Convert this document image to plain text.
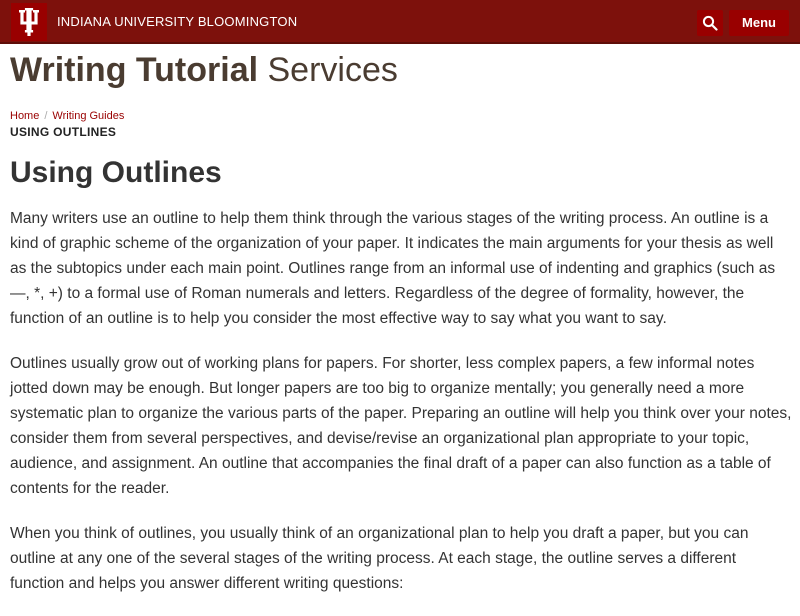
INDIANA UNIVERSITY BLOOMINGTON	Menu
Writing Tutorial Services
Home / Writing Guides
USING OUTLINES
Using Outlines

Many writers use an outline to help them think through the various stages of the writing process. An outline is a kind of graphic scheme of the organization of your paper. It indicates the main arguments for your thesis as well as the subtopics under each main point. Outlines range from an informal use of indenting and graphics (such as —, *, +) to a formal use of Roman numerals and letters. Regardless of the degree of formality, however, the function of an outline is to help you consider the most effective way to say what you want to say.

Outlines usually grow out of working plans for papers. For shorter, less complex papers, a few informal notes jotted down may be enough. But longer papers are too big to organize mentally; you generally need a more systematic plan to organize the various parts of the paper. Preparing an outline will help you think over your notes, consider them from several perspectives, and devise/revise an organizational plan appropriate to your topic, audience, and assignment. An outline that accompanies the final draft of a paper can also function as a table of contents for the reader.

When you think of outlines, you usually think of an organizational plan to help you draft a paper, but you can outline at any one of the several stages of the writing process. At each stage, the outline serves a different function and helps you answer different writing questions:
